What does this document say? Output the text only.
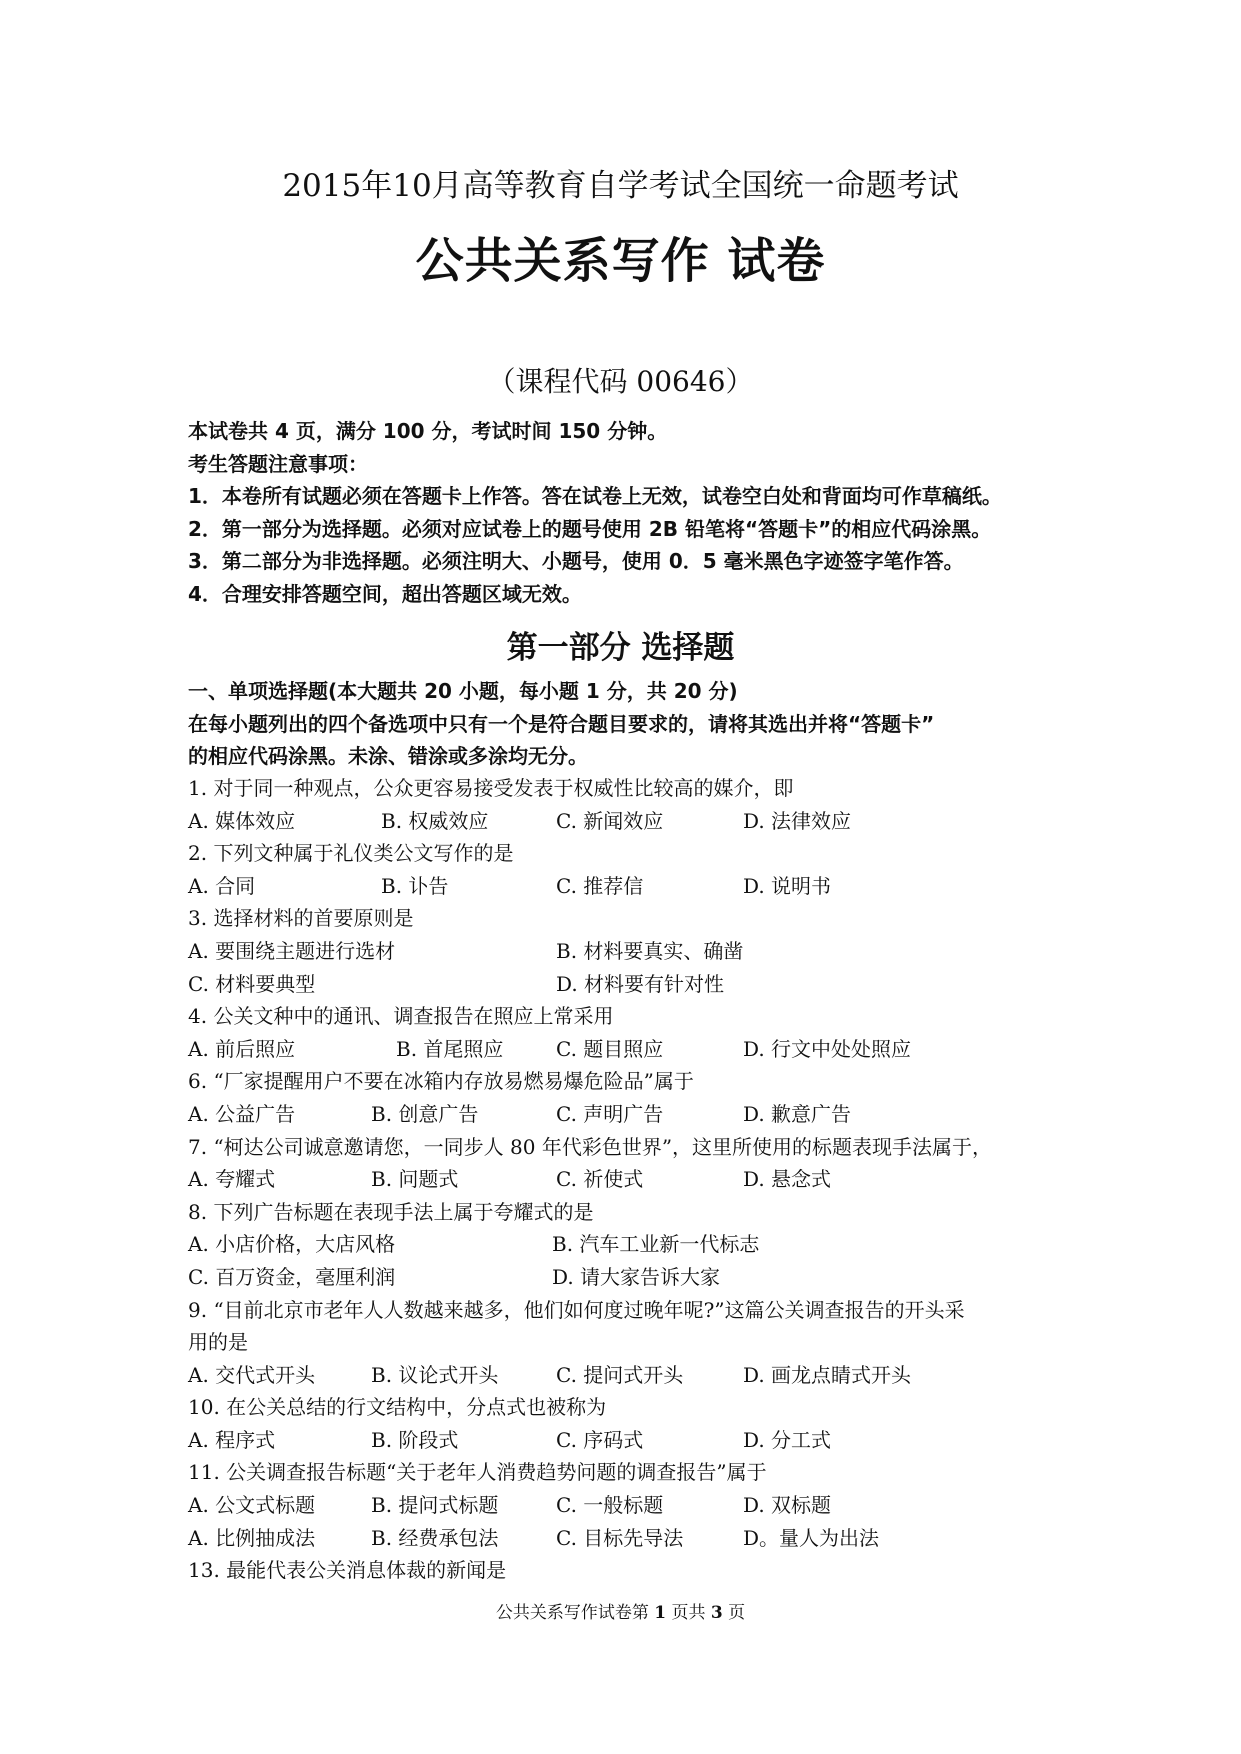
2015年10月高等教育自学考试全国统一命题考试
公共关系写作 试卷
（课程代码 00646）
本试卷共 4 页，满分 100 分，考试时间 150 分钟。
考生答题注意事项：
1．本卷所有试题必须在答题卡上作答。答在试卷上无效，试卷空白处和背面均可作草稿纸。
2．第一部分为选择题。必须对应试卷上的题号使用 2B 铅笔将“答题卡”的相应代码涂黑。
3．第二部分为非选择题。必须注明大、小题号，使用 0．5 毫米黑色字迹签字笔作答。
4．合理安排答题空间，超出答题区域无效。
第一部分 选择题
一、单项选择题(本大题共 20 小题，每小题 1 分，共 20 分)
在每小题列出的四个备选项中只有一个是符合题目要求的，请将其选出并将“答题卡”
的相应代码涂黑。未涂、错涂或多涂均无分。
1. 对于同一种观点，公众更容易接受发表于权威性比较高的媒介，即
A. 媒体效应	B. 权威效应	C. 新闻效应	D. 法律效应
2. 下列文种属于礼仪类公文写作的是
A. 合同	B. 讣告	C. 推荐信	D. 说明书
3. 选择材料的首要原则是
A. 要围绕主题进行选材	B. 材料要真实、确凿
C. 材料要典型	D. 材料要有针对性
4. 公关文种中的通讯、调查报告在照应上常采用
A. 前后照应	B. 首尾照应	C. 题目照应	D. 行文中处处照应
6. “厂家提醒用户不要在冰箱内存放易燃易爆危险品”属于
A. 公益广告	B. 创意广告	C. 声明广告	D. 歉意广告
7. “柯达公司诚意邀请您，一同步人 80 年代彩色世界”，这里所使用的标题表现手法属于，
A. 夸耀式	B. 问题式	C. 祈使式	D. 悬念式
8. 下列广告标题在表现手法上属于夸耀式的是
A. 小店价格，大店风格	B. 汽车工业新一代标志
C. 百万资金，毫厘利润	D. 请大家告诉大家
9. “目前北京市老年人人数越来越多，他们如何度过晚年呢?”这篇公关调查报告的开头采
用的是
A. 交代式开头	B. 议论式开头	C. 提问式开头	D. 画龙点睛式开头
10. 在公关总结的行文结构中，分点式也被称为
A. 程序式	B. 阶段式	C. 序码式	D. 分工式
11. 公关调查报告标题“关于老年人消费趋势问题的调查报告”属于
A. 公文式标题	B. 提问式标题	C. 一般标题	D. 双标题
A. 比例抽成法	B. 经费承包法	C. 目标先导法	D。量人为出法
13. 最能代表公关消息体裁的新闻是
公共关系写作试卷第 1 页共 3 页
